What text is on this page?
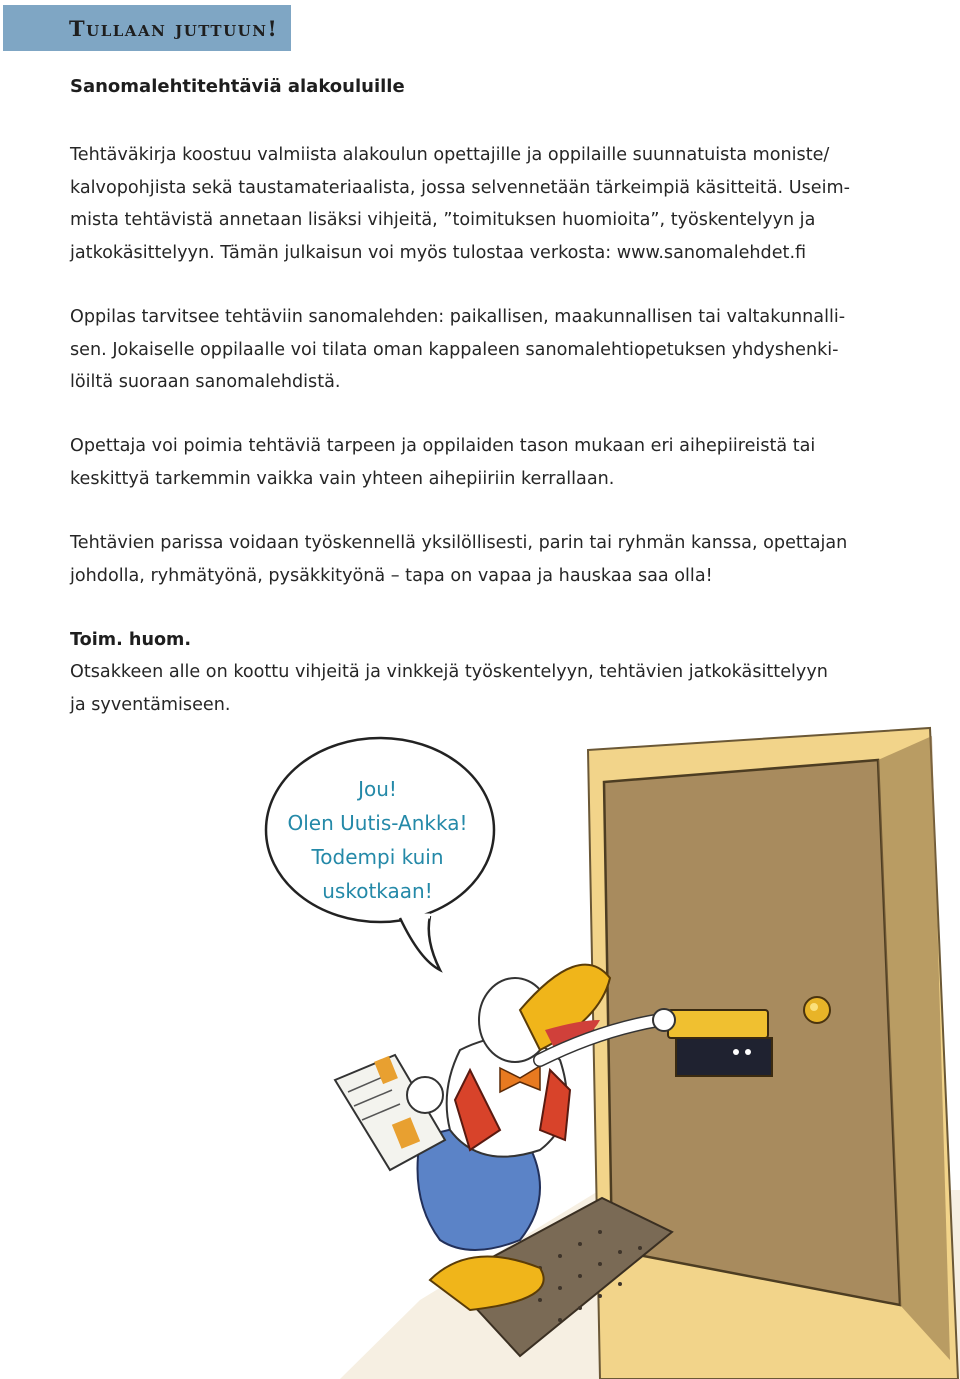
Tullaan juttuun!
Sanomalehtitehtäviä alakouluille

Tehtäväkirja koostuu valmiista alakoulun opettajille ja oppilaille suunnatuista moniste/
kalvopohjista sekä taustamateriaalista, jossa selvennetään tärkeimpiä käsitteitä. Useim-
mista tehtävistä annetaan lisäksi vihjeitä, ”toimituksen huomioita”, työskentelyyn ja
jatkokäsittelyyn. Tämän julkaisun voi myös tulostaa verkosta: www.sanomalehdet.fi

Oppilas tarvitsee tehtäviin sanomalehden: paikallisen, maakunnallisen tai valtakunnalli-
sen. Jokaiselle oppilaalle voi tilata oman kappaleen sanomalehtiopetuksen yhdyshenki-
löiltä suoraan sanomalehdistä.

Opettaja voi poimia tehtäviä tarpeen ja oppilaiden tason mukaan eri aihepiireistä tai
keskittyä tarkemmin vaikka vain yhteen aihepiiriin kerrallaan.

Tehtävien parissa voidaan työskennellä yksilöllisesti, parin tai ryhmän kanssa, opettajan
johdolla, ryhmätyönä, pysäkkityönä – tapa on vapaa ja hauskaa saa olla!

Toim. huom.

Otsakkeen alle on koottu vihjeitä ja vinkkejä työskentelyyn, tehtävien jatkokäsittelyyn
ja syventämiseen.

Jou!
Olen Uutis-Ankka!
Todempi kuin
uskotkaan!
